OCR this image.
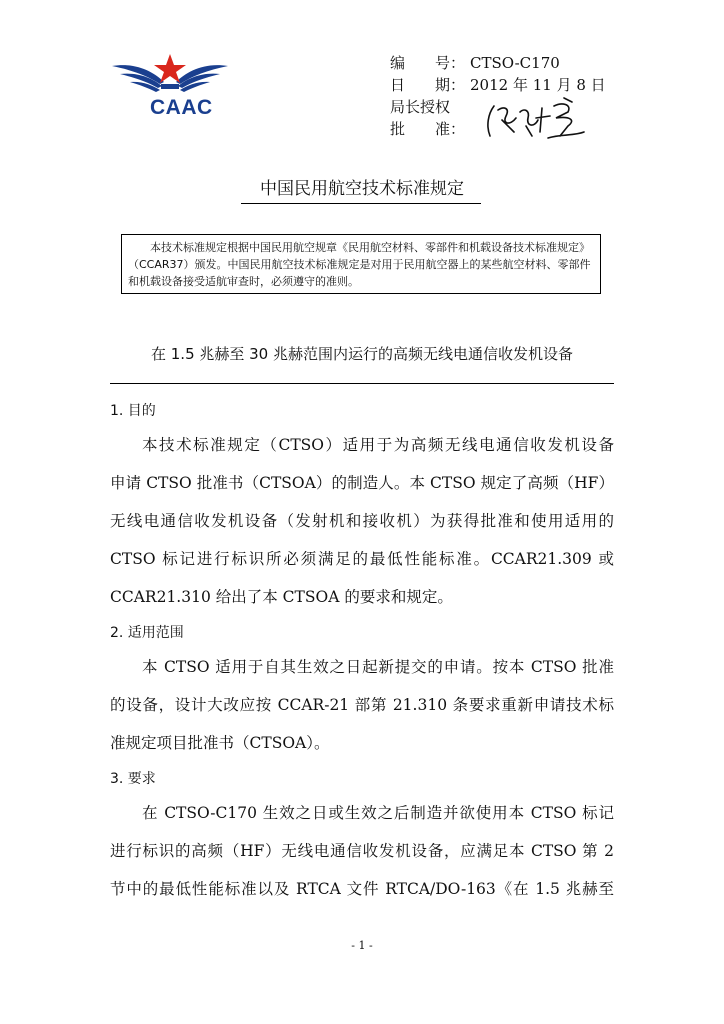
CAAC
编　　号： CTSO-C170
日　　期： 2012 年 11 月 8 日
局长授权
批　　准：
中国民用航空技术标准规定

本技术标准规定根据中国民用航空规章《民用航空材料、零部件和机载设备技术标准规定》（CCAR37）颁发。中国民用航空技术标准规定是对用于民用航空器上的某些航空材料、零部件和机载设备接受适航审查时，必须遵守的准则。

在 1.5 兆赫至 30 兆赫范围内运行的高频无线电通信收发机设备
1. 目的
本技术标准规定（CTSO）适用于为高频无线电通信收发机设备
申请 CTSO 批准书（CTSOA）的制造人。本 CTSO 规定了高频（HF）
无线电通信收发机设备（发射机和接收机）为获得批准和使用适用的
CTSO 标记进行标识所必须满足的最低性能标准。CCAR21.309 或
CCAR21.310 给出了本 CTSOA 的要求和规定。
2. 适用范围
本 CTSO 适用于自其生效之日起新提交的申请。按本 CTSO 批准
的设备，设计大改应按 CCAR-21 部第 21.310 条要求重新申请技术标
准规定项目批准书（CTSOA）。
3. 要求
在 CTSO-C170 生效之日或生效之后制造并欲使用本 CTSO 标记
进行标识的高频（HF）无线电通信收发机设备，应满足本 CTSO 第 2
节中的最低性能标准以及 RTCA 文件 RTCA/DO-163《在 1.5 兆赫至
- 1 -
